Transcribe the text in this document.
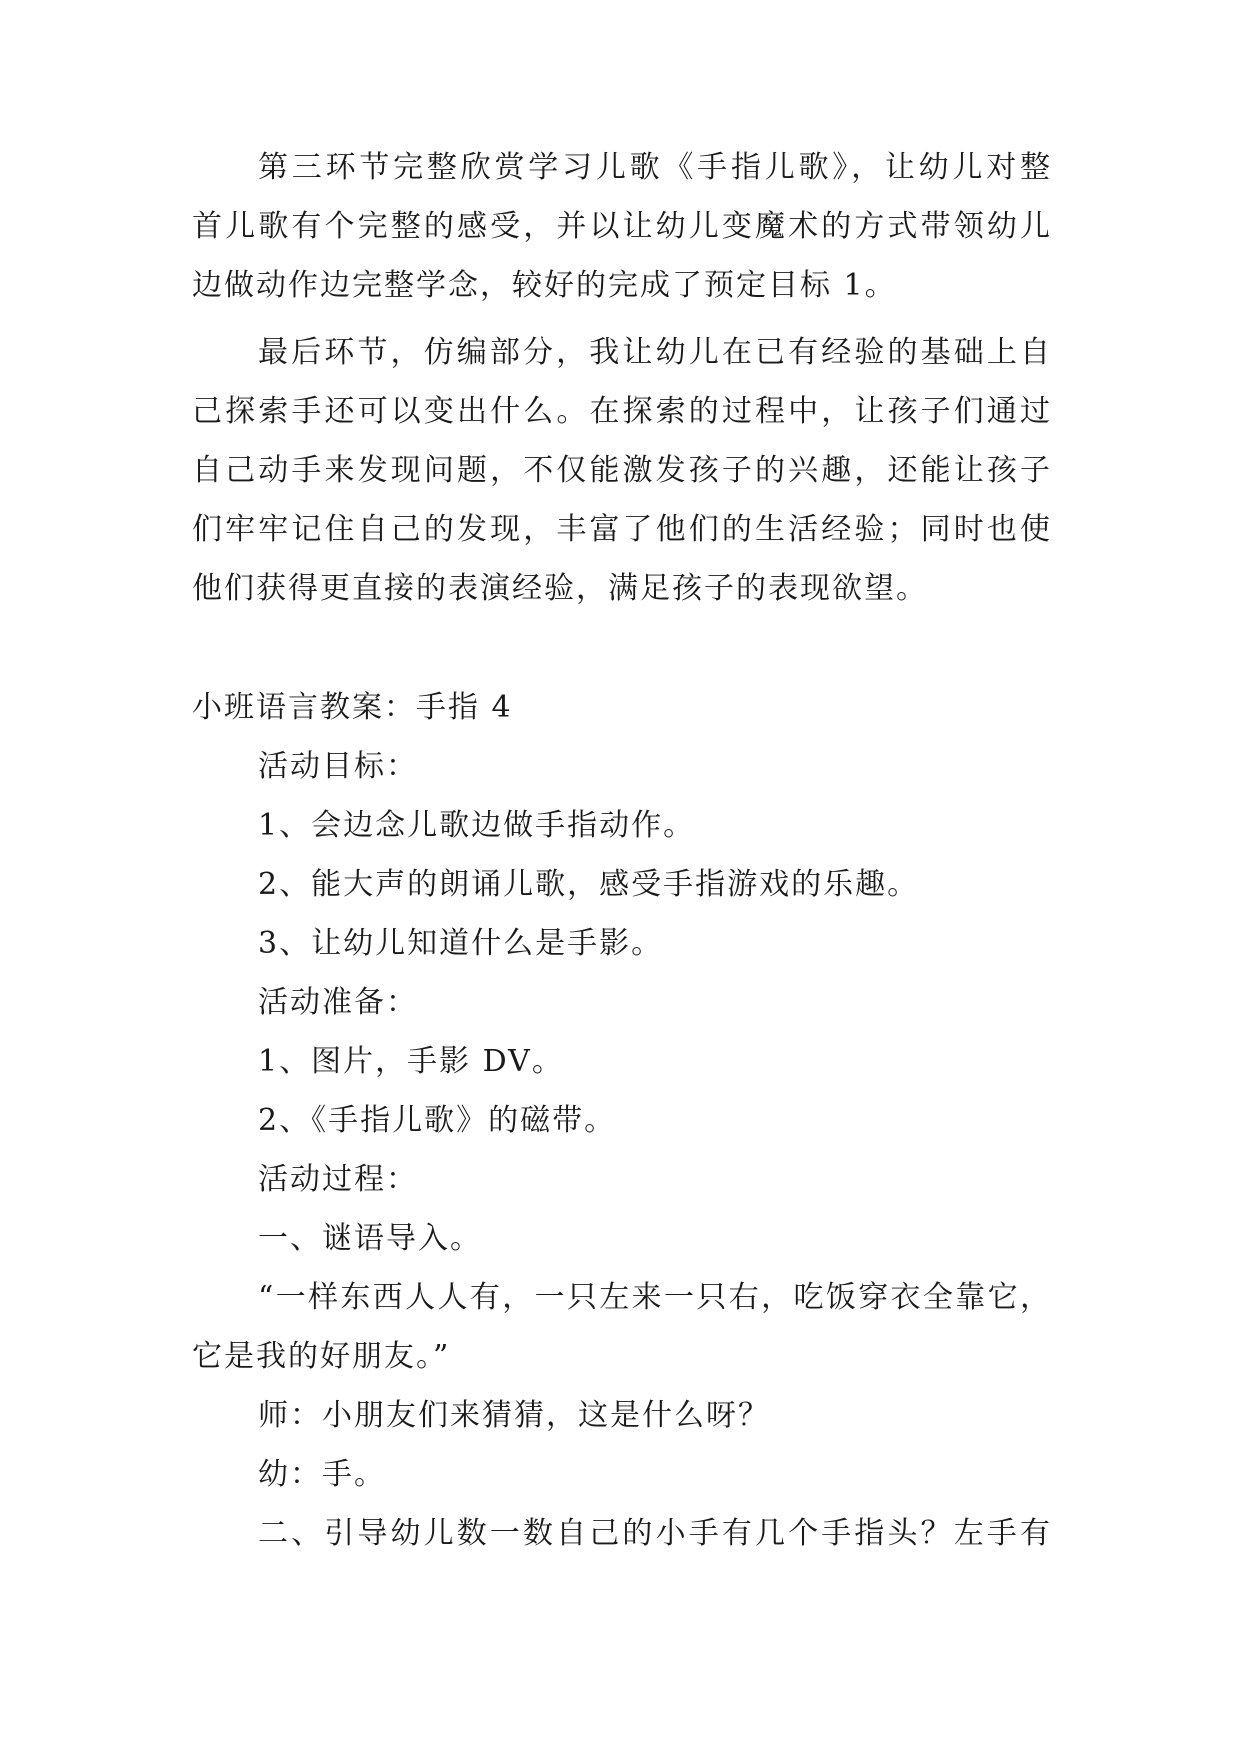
第三环节完整欣赏学习儿歌《手指儿歌》，让幼儿对整
首儿歌有个完整的感受，并以让幼儿变魔术的方式带领幼儿
边做动作边完整学念，较好的完成了预定目标 1。
最后环节，仿编部分，我让幼儿在已有经验的基础上自
己探索手还可以变出什么。在探索的过程中，让孩子们通过
自己动手来发现问题，不仅能激发孩子的兴趣，还能让孩子
们牢牢记住自己的发现，丰富了他们的生活经验；同时也使
他们获得更直接的表演经验，满足孩子的表现欲望。
小班语言教案：手指 4
活动目标：
1、会边念儿歌边做手指动作。
2、能大声的朗诵儿歌，感受手指游戏的乐趣。
3、让幼儿知道什么是手影。
活动准备：
1、图片，手影 DV。
2、《手指儿歌》的磁带。
活动过程：
一、谜语导入。
“一样东西人人有，一只左来一只右，吃饭穿衣全靠它，
它是我的好朋友。”
师：小朋友们来猜猜，这是什么呀？
幼：手。
二、引导幼儿数一数自己的小手有几个手指头？左手有
